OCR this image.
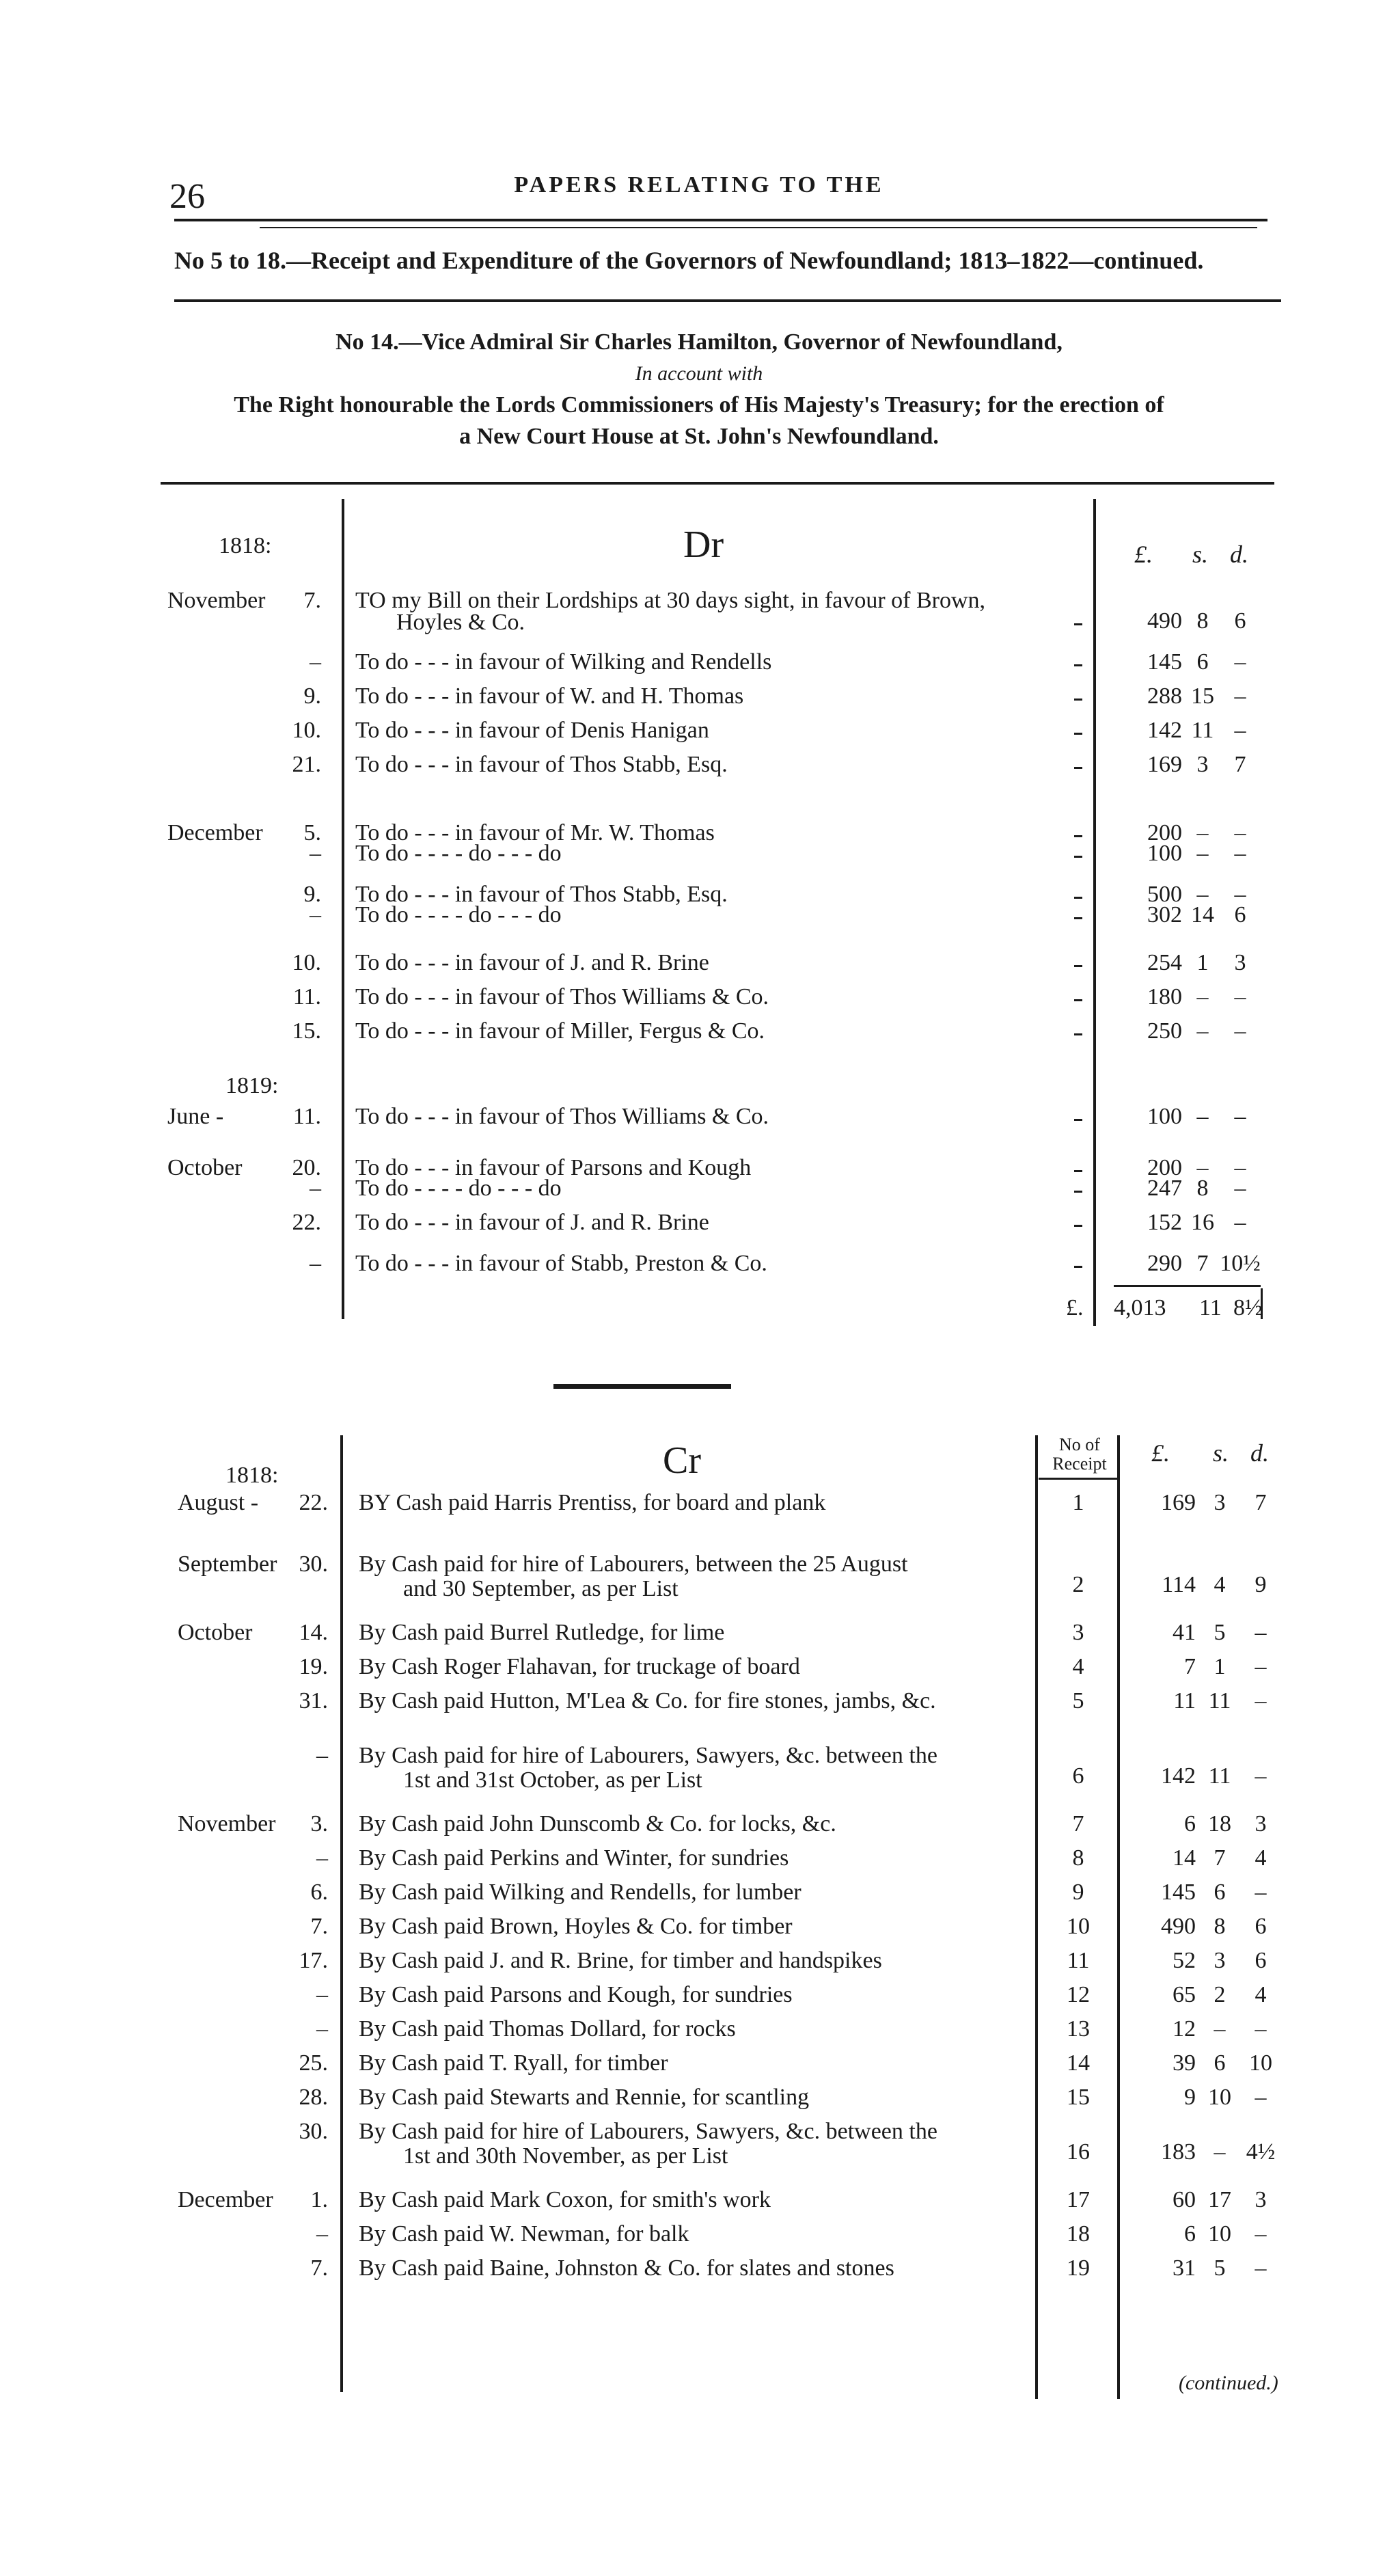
26	PAPERS RELATING TO THE
No 5 to 18.—Receipt and Expenditure of the Governors of Newfoundland; 1813–1822—continued.
No 14.—Vice Admiral Sir Charles Hamilton, Governor of Newfoundland,
In account with
The Right honourable the Lords Commissioners of His Majesty's Treasury; for the erection of
a New Court House at St. John's Newfoundland.
1818:	Dr	£. s. d.
1819:
November	7. TO my Bill on their Lordships at 30 days sight, in favour of Brown,
Hoyles & Co.	490 8	6
– To do - - - in favour of Wilking and Rendells	145 6	–
9. To do - - - in favour of W. and H. Thomas	288 15 –
10. To do - - - in favour of Denis Hanigan	142 11 –
21. To do - - - in favour of Thos Stabb, Esq.	169 3	7
December	5. To do - - - in favour of Mr. W. Thomas	200 –	–
– To do - - - - do - - - do	100 –	–
9. To do - - - in favour of Thos Stabb, Esq.	500 –	–
– To do - - - - do - - - do	302 14 6
10. To do - - - in favour of J. and R. Brine	254 1	3
11. To do - - - in favour of Thos Williams & Co.	180 –	–
15. To do - - - in favour of Miller, Fergus & Co.	250 –	–
June -	11. To do - - - in favour of Thos Williams & Co.	100 –	–
October	20. To do - - - in favour of Parsons and Kough	200 –	–
– To do - - - - do - - - do	247 8	–
22. To do - - - in favour of J. and R. Brine	152 16 –
– To do - - - in favour of Stabb, Preston & Co.	290 7 10½
£. 4,013 11 8½
1818:	Cr	No of Receipt	£. s. d.
August -	22. BY Cash paid Harris Prentiss, for board and plank	1	169 3	7
September 30. By Cash paid for hire of Labourers, between the 25 August
and 30 September, as per List	2	114 4	9
October	14. By Cash paid Burrel Rutledge, for lime	3	41 5	–
19. By Cash Roger Flahavan, for truckage of board	4	7 1	–
31. By Cash paid Hutton, M'Lea & Co. for fire stones, jambs, &c.	5	11 11	–
– By Cash paid for hire of Labourers, Sawyers, &c. between the
1st and 31st October, as per List	6	142 11	–
November	3. By Cash paid John Dunscomb & Co. for locks, &c.	7	6 18	3
– By Cash paid Perkins and Winter, for sundries	8	14 7	4
6. By Cash paid Wilking and Rendells, for lumber	9	145 6	–
7. By Cash paid Brown, Hoyles & Co. for timber	10	490 8	6
17. By Cash paid J. and R. Brine, for timber and handspikes	11	52 3	6
– By Cash paid Parsons and Kough, for sundries	12	65 2	4
– By Cash paid Thomas Dollard, for rocks	13	12 –	–
25. By Cash paid T. Ryall, for timber	14	39 6	10
28. By Cash paid Stewarts and Rennie, for scantling	15	9 10	–
30. By Cash paid for hire of Labourers, Sawyers, &c. between the
1st and 30th November, as per List	16	183 – 4½
December	1. By Cash paid Mark Coxon, for smith's work	17	60 17	3
– By Cash paid W. Newman, for balk	18	6 10	–
7. By Cash paid Baine, Johnston & Co. for slates and stones	19	31 5	–
(continued.)
